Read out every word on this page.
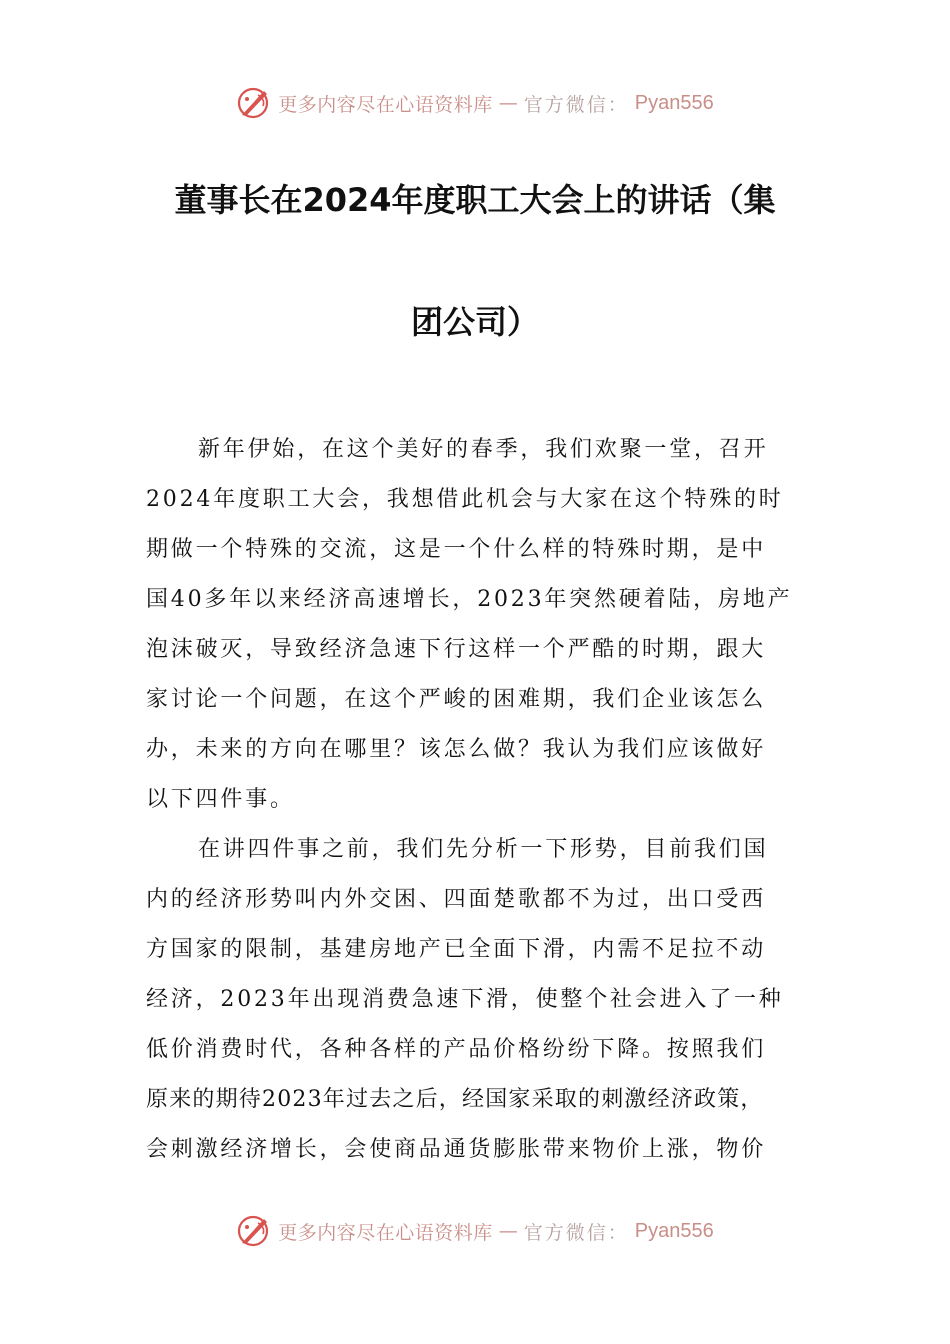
更多内容尽在心语资料库 — 官方微信： Pyan556
董事长在2024年度职工大会上的讲话（集
团公司）
新年伊始，在这个美好的春季，我们欢聚一堂，召开
2024年度职工大会，我想借此机会与大家在这个特殊的时
期做一个特殊的交流，这是一个什么样的特殊时期，是中
国40多年以来经济高速增长，2023年突然硬着陆，房地产
泡沫破灭，导致经济急速下行这样一个严酷的时期，跟大
家讨论一个问题，在这个严峻的困难期，我们企业该怎么
办，未来的方向在哪里？该怎么做？我认为我们应该做好
以下四件事。
在讲四件事之前，我们先分析一下形势，目前我们国
内的经济形势叫内外交困、四面楚歌都不为过，出口受西
方国家的限制，基建房地产已全面下滑，内需不足拉不动
经济，2023年出现消费急速下滑，使整个社会进入了一种
低价消费时代，各种各样的产品价格纷纷下降。按照我们
原来的期待2023年过去之后，经国家采取的刺激经济政策，
会刺激经济增长，会使商品通货膨胀带来物价上涨，物价
更多内容尽在心语资料库 — 官方微信： Pyan556
